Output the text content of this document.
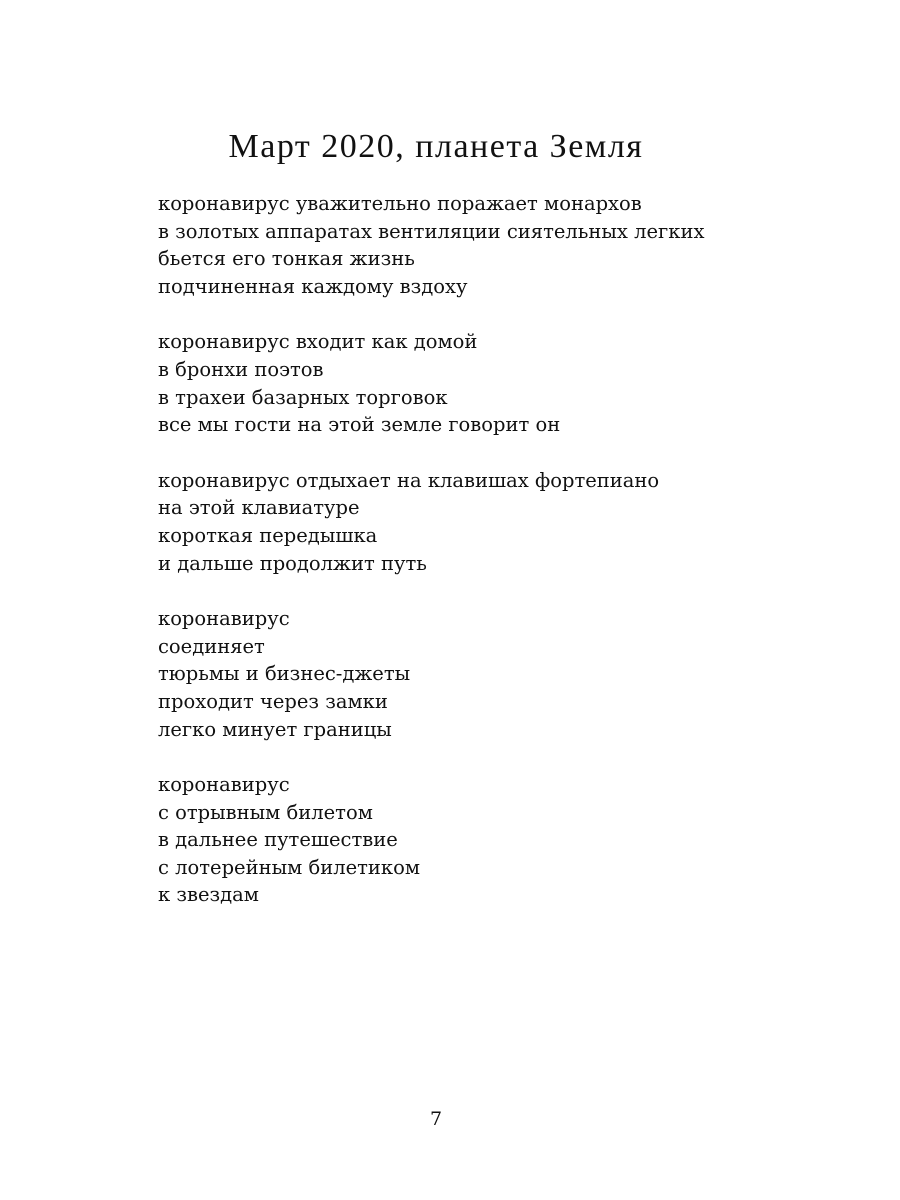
Март 2020, планета Земля
коронавирус уважительно поражает монархов
в золотых аппаратах вентиляции сиятельных легких
бьется его тонкая жизнь
подчиненная каждому вздоху
коронавирус входит как домой
в бронхи поэтов
в трахеи базарных торговок
все мы гости на этой земле говорит он
коронавирус отдыхает на клавишах фортепиано
на этой клавиатуре
короткая передышка
и дальше продолжит путь
коронавирус
соединяет
тюрьмы и бизнес-джеты
проходит через замки
легко минует границы
коронавирус
с отрывным билетом
в дальнее путешествие
с лотерейным билетиком
к звездам
7
